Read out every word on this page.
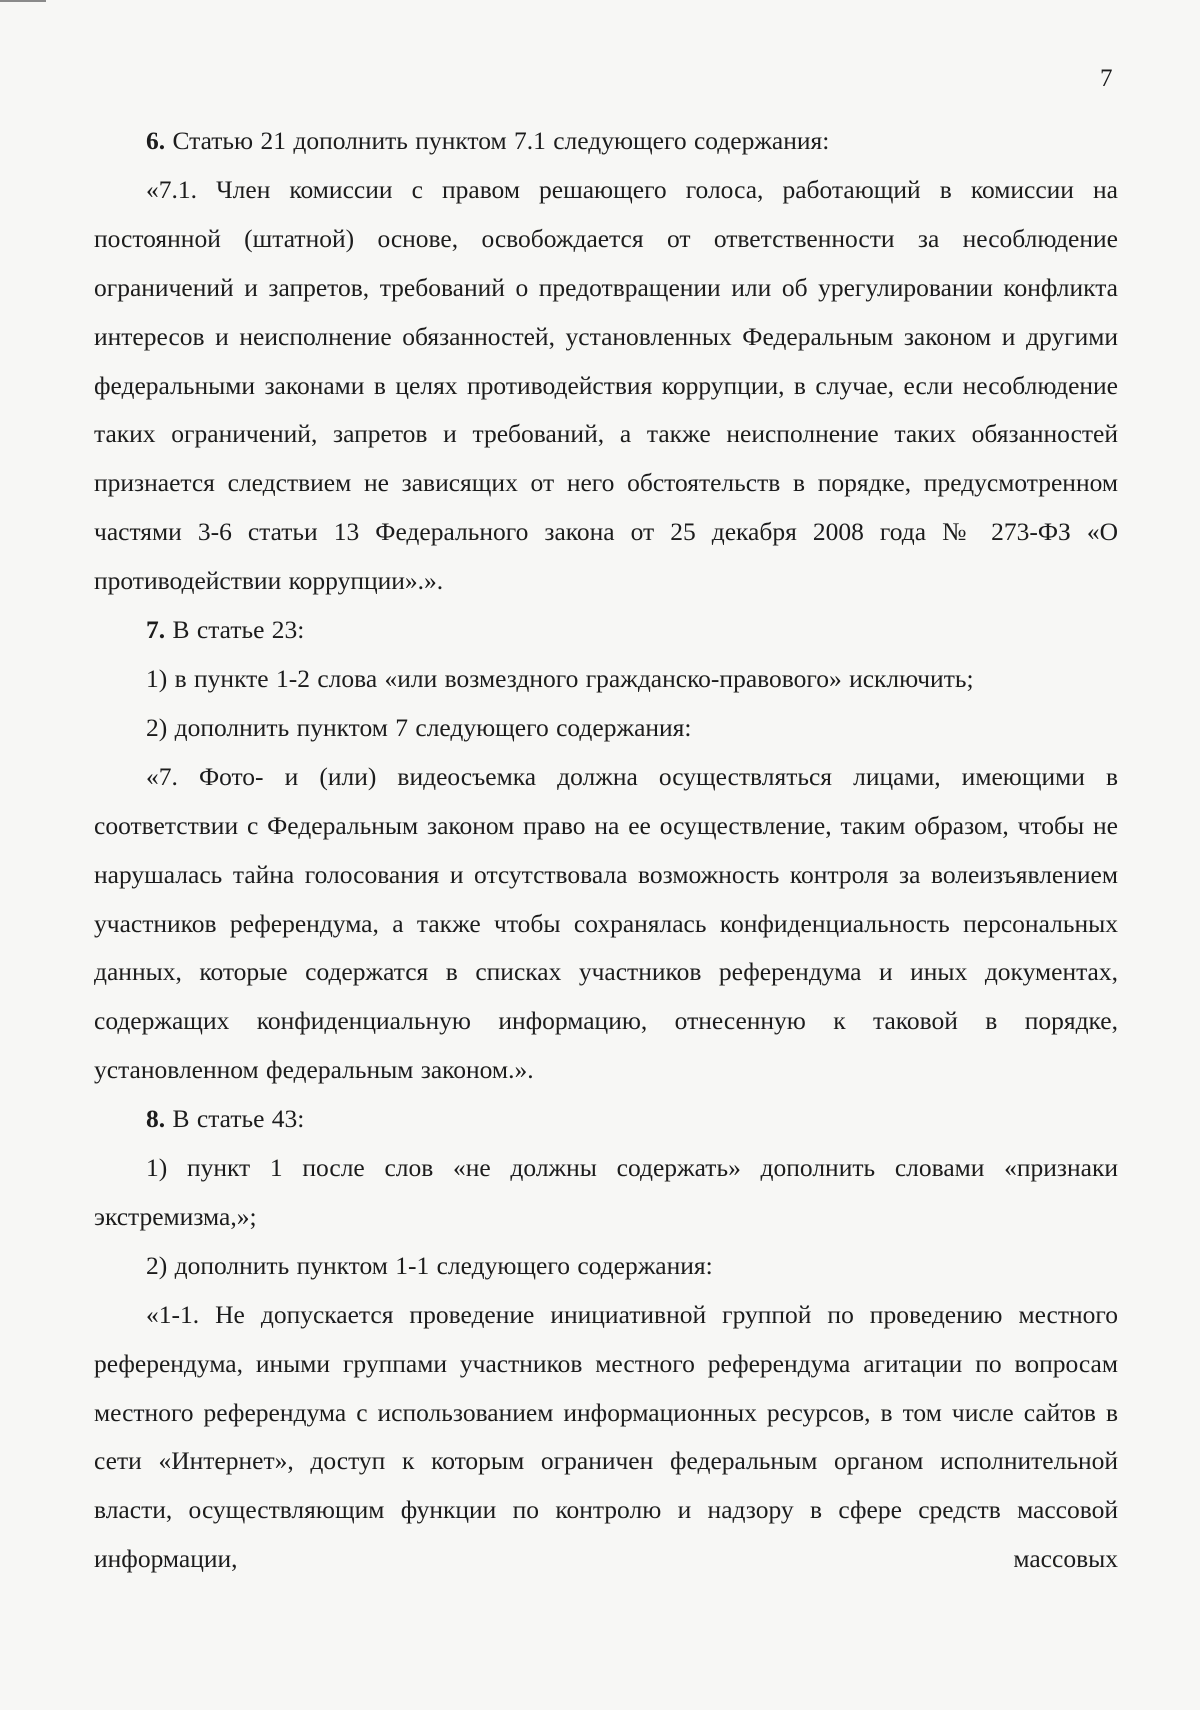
7

6. Статью 21 дополнить пунктом 7.1 следующего содержания:

«7.1. Член комиссии с правом решающего голоса, работающий в комиссии на постоянной (штатной) основе, освобождается от ответственности за несоблюдение ограничений и запретов, требований о предотвращении или об урегулировании конфликта интересов и неисполнение обязанностей, установленных Федеральным законом и другими федеральными законами в целях противодействия коррупции, в случае, если несоблюдение таких ограничений, запретов и требований, а также неисполнение таких обязанностей признается следствием не зависящих от него обстоятельств в порядке, предусмотренном частями 3-6 статьи 13 Федерального закона от 25 декабря 2008 года № 273-ФЗ «О противодействии коррупции».».

7. В статье 23:

1) в пункте 1-2 слова «или возмездного гражданско-правового» исключить;

2) дополнить пунктом 7 следующего содержания:

«7. Фото- и (или) видеосъемка должна осуществляться лицами, имеющими в соответствии с Федеральным законом право на ее осуществление, таким образом, чтобы не нарушалась тайна голосования и отсутствовала возможность контроля за волеизъявлением участников референдума, а также чтобы сохранялась конфиденциальность персональных данных, которые содержатся в списках участников референдума и иных документах, содержащих конфиденциальную информацию, отнесенную к таковой в порядке, установленном федеральным законом.».

8. В статье 43:

1) пункт 1 после слов «не должны содержать» дополнить словами «признаки экстремизма,»;

2) дополнить пунктом 1-1 следующего содержания:

«1-1. Не допускается проведение инициативной группой по проведению местного референдума, иными группами участников местного референдума агитации по вопросам местного референдума с использованием информационных ресурсов, в том числе сайтов в сети «Интернет», доступ к которым ограничен федеральным органом исполнительной власти, осуществляющим функции по контролю и надзору в сфере средств массовой информации, массовых
